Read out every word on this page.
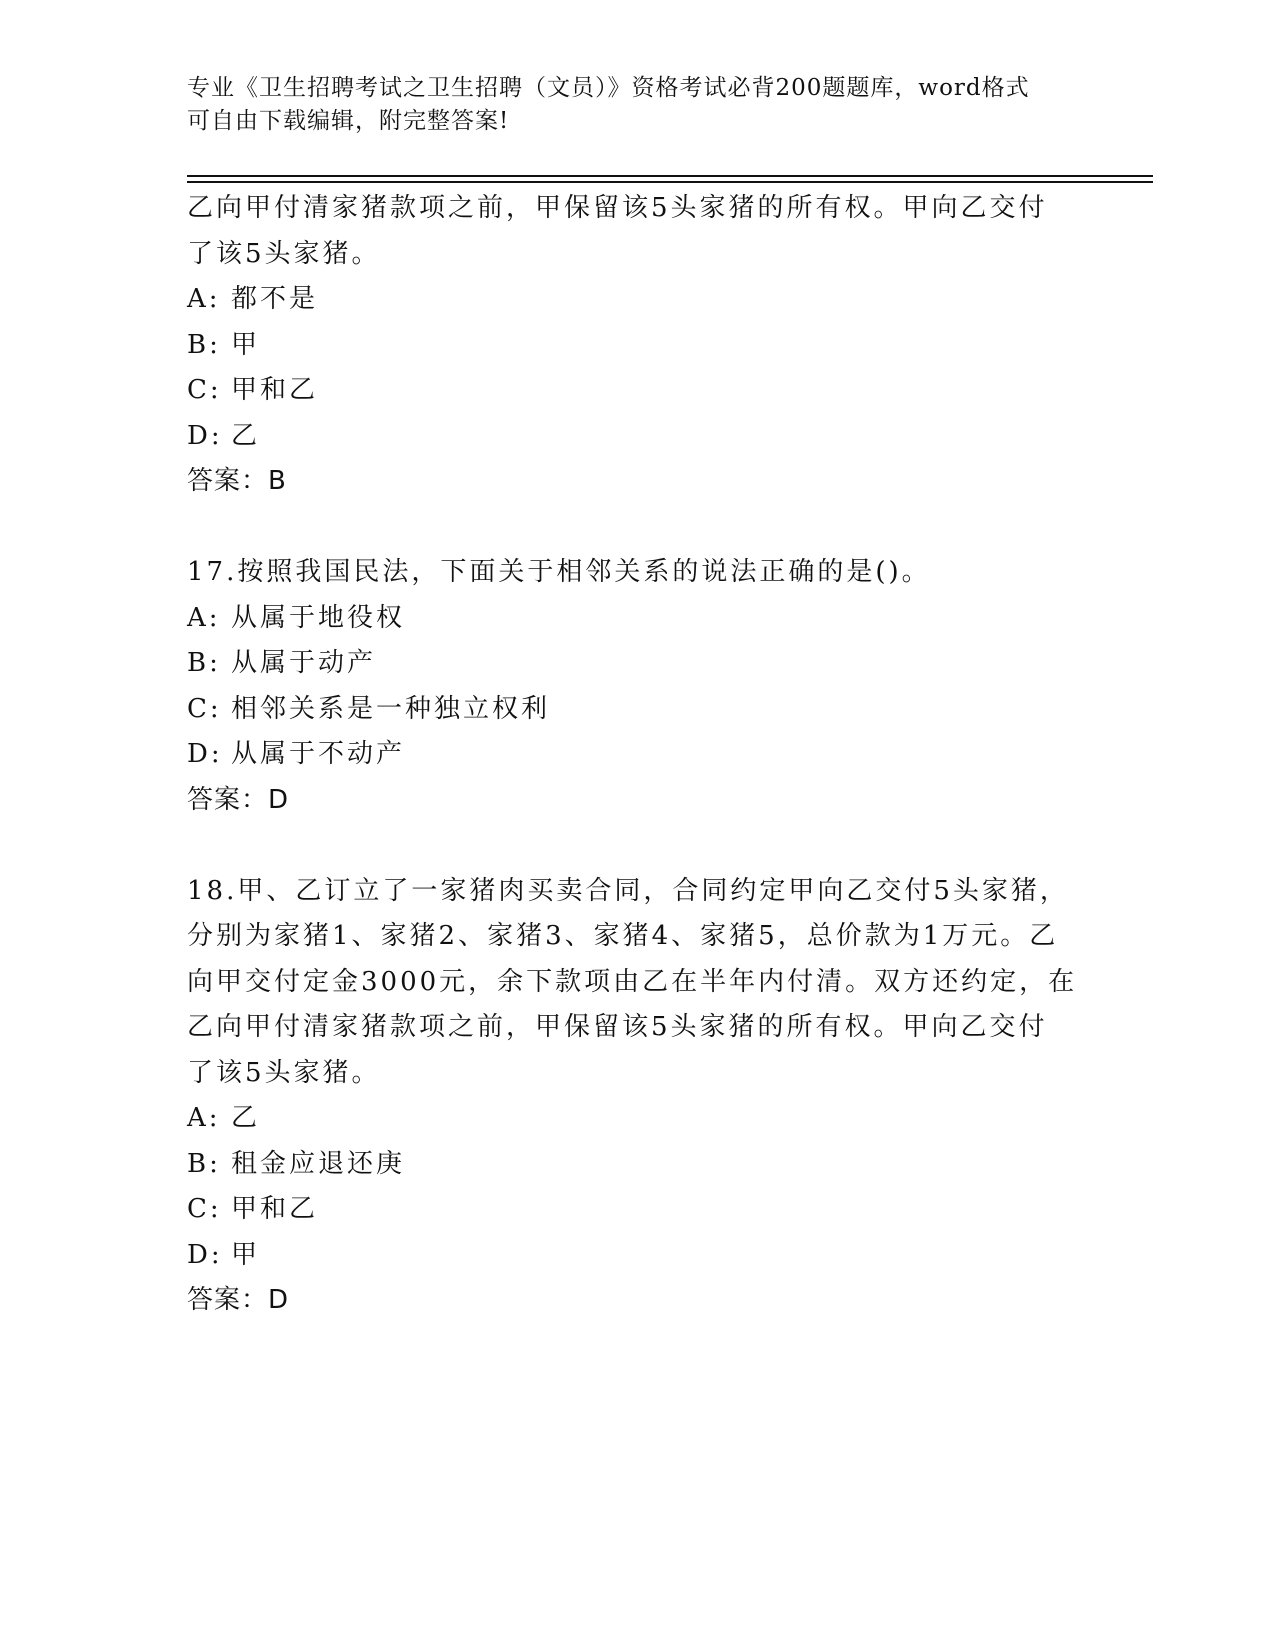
专业《卫生招聘考试之卫生招聘（文员）》资格考试必背200题题库，word格式
可自由下载编辑，附完整答案!
乙向甲付清家猪款项之前，甲保留该5头家猪的所有权。甲向乙交付
了该5头家猪。
A: 都不是
B: 甲
C: 甲和乙
D: 乙
答案：B
17.按照我国民法，下面关于相邻关系的说法正确的是()。
A: 从属于地役权
B: 从属于动产
C: 相邻关系是一种独立权利
D: 从属于不动产
答案：D
18.甲、乙订立了一家猪肉买卖合同，合同约定甲向乙交付5头家猪，
分别为家猪1、家猪2、家猪3、家猪4、家猪5，总价款为1万元。乙
向甲交付定金3000元，余下款项由乙在半年内付清。双方还约定，在
乙向甲付清家猪款项之前，甲保留该5头家猪的所有权。甲向乙交付
了该5头家猪。
A: 乙
B: 租金应退还庚
C: 甲和乙
D: 甲
答案：D
